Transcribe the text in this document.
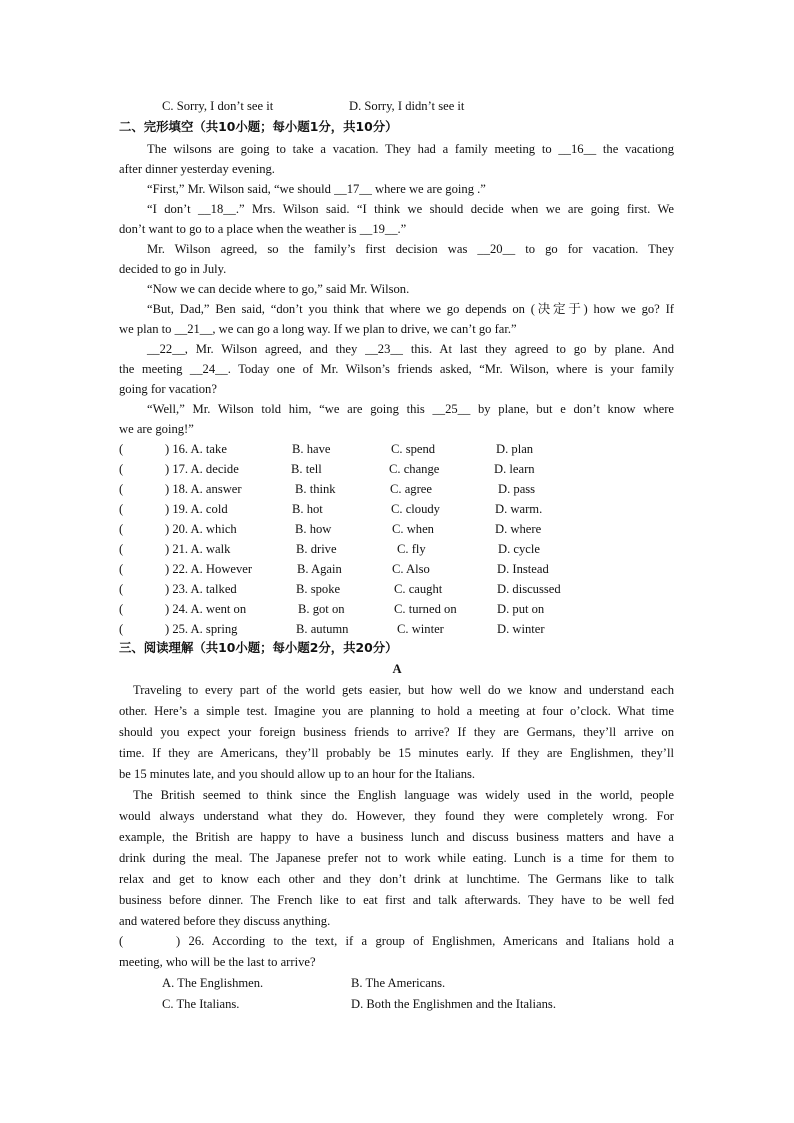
C. Sorry, I don’t see it	D. Sorry, I didn’t see it
二、完形填空（共10小题；每小题1分，共10分）
The wilsons are going to take a vacation. They had a family meeting to __16__ the vacationg
after dinner yesterday evening.
“First,” Mr. Wilson said, “we should __17__ where we are going .”
“I don’t __18__.” Mrs. Wilson said. “I think we should decide when we are going first. We
don’t want to go to a place when the weather is __19__.”
Mr. Wilson agreed, so the family’s first decision was __20__ to go for vacation. They
decided to go in July.
“Now we can decide where to go,” said Mr. Wilson.
“But, Dad,” Ben said, “don’t you think that where we go depends on (决定于) how we go? If
we plan to __21__, we can go a long way. If we plan to drive, we can’t go far.”
__22__, Mr. Wilson agreed, and they __23__ this. At last they agreed to go by plane. And
the meeting __24__. Today one of Mr. Wilson’s friends asked, “Mr. Wilson, where is your family
going for vacation?
“Well,” Mr. Wilson told him, “we are going this __25__ by plane, but e don’t know where
we are going!”
(	) 16. A. take	B. have	C. spend	D. plan
(	) 17. A. decide	B. tell	C. change	D. learn
(	) 18. A. answer	B. think	C. agree	D. pass
(	) 19. A. cold	B. hot	C. cloudy	D. warm.
(	) 20. A. which	B. how	C. when	D. where
(	) 21. A. walk	B. drive	C. fly	D. cycle
(	) 22. A. However	B. Again	C. Also	D. Instead
(	) 23. A. talked	B. spoke	C. caught	D. discussed
(	) 24. A. went on	B. got on	C. turned on	D. put on
(	) 25. A. spring	B. autumn	C. winter	D. winter
三、阅读理解（共10小题；每小题2分，共20分）
A
Traveling to every part of the world gets easier, but how well do we know and understand each
other. Here’s a simple test. Imagine you are planning to hold a meeting at four o’clock. What time
should you expect your foreign business friends to arrive? If they are Germans, they’ll arrive on
time. If they are Americans, they’ll probably be 15 minutes early. If they are Englishmen, they’ll
be 15 minutes late, and you should allow up to an hour for the Italians.
The British seemed to think since the English language was widely used in the world, people
would always understand what they do. However, they found they were completely wrong. For
example, the British are happy to have a business lunch and discuss business matters and have a
drink during the meal. The Japanese prefer not to work while eating. Lunch is a time for them to
relax and get to know each other and they don’t drink at lunchtime. The Germans like to talk
business before dinner. The French like to eat first and talk afterwards. They have to be well fed
and watered before they discuss anything.
(	) 26. According to the text, if a group of Englishmen, Americans and Italians hold a
meeting, who will be the last to arrive?
A. The Englishmen.	B. The Americans.
C. The Italians.	D. Both the Englishmen and the Italians.
